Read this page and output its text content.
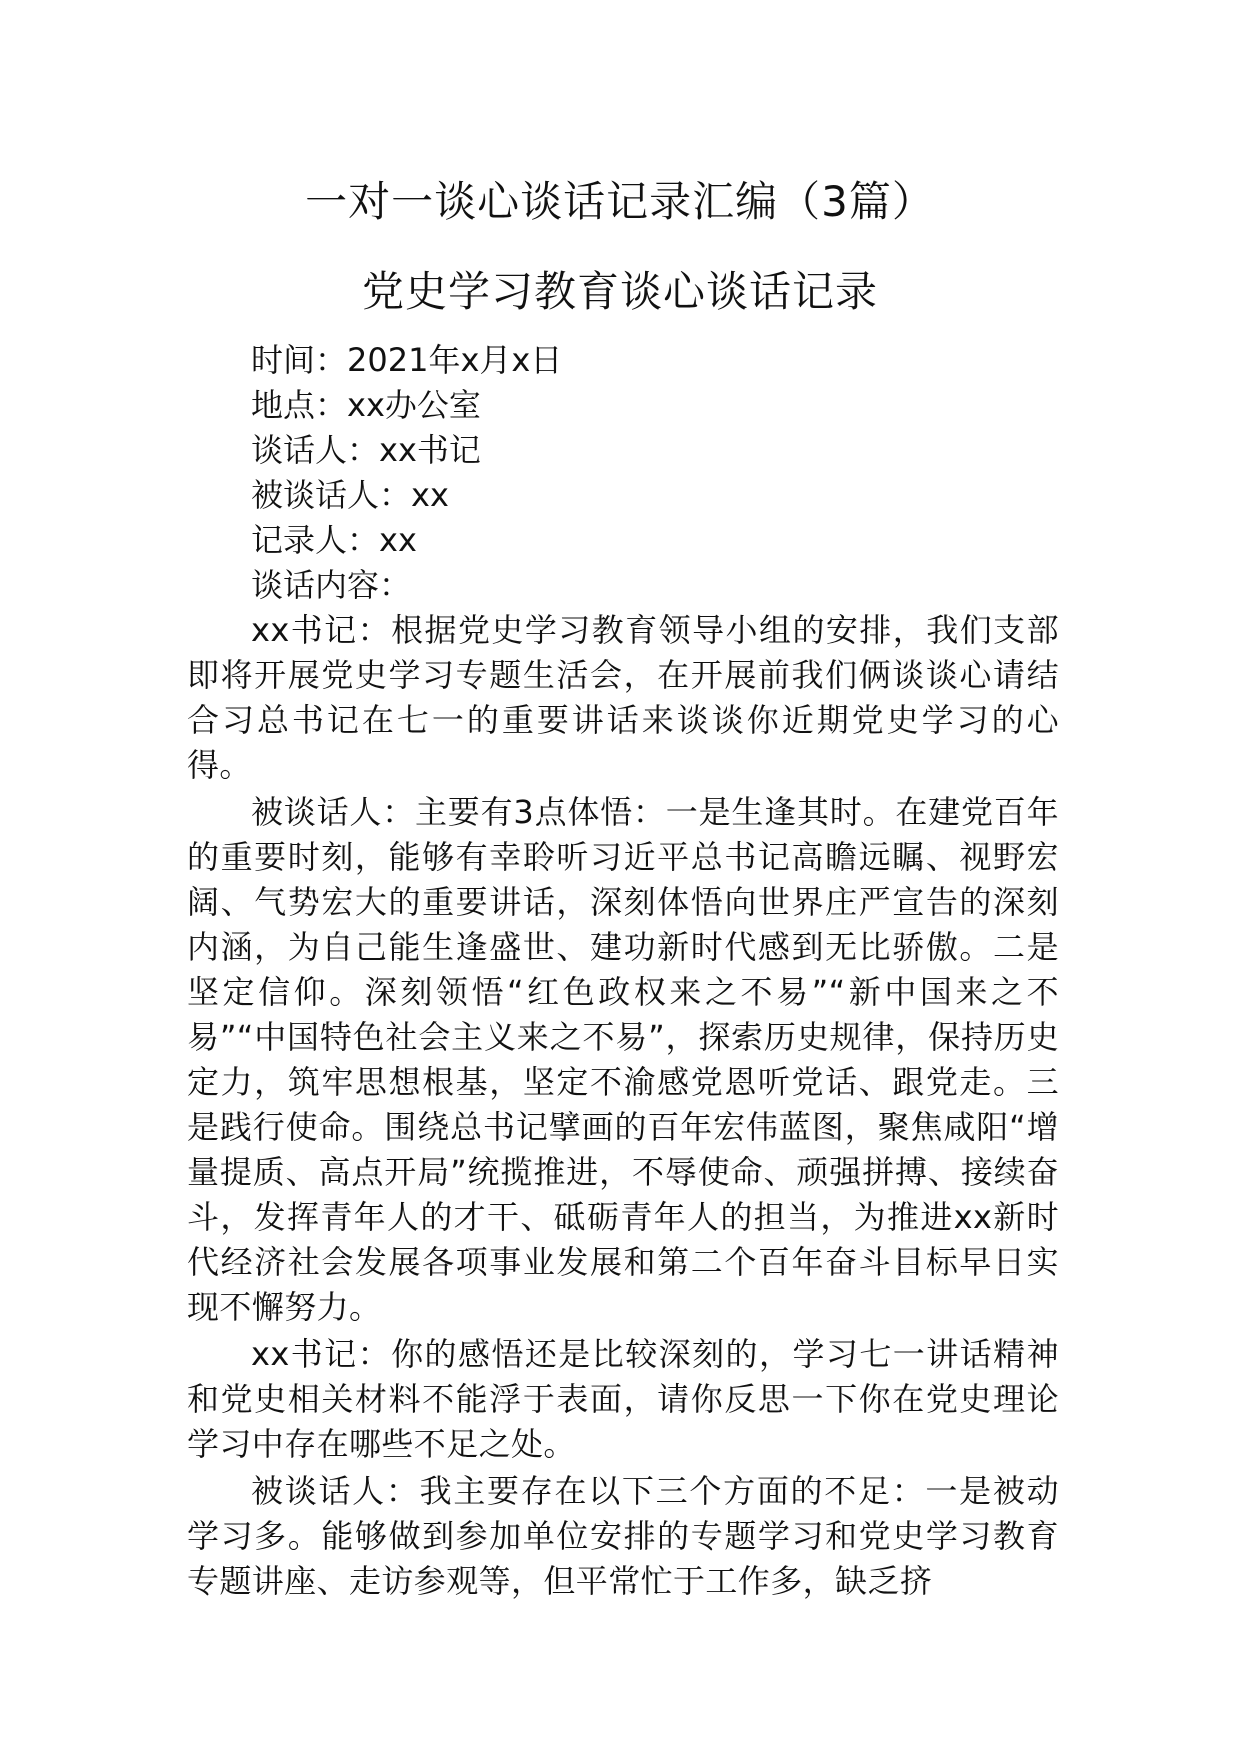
一对一谈心谈话记录汇编（3篇）
党史学习教育谈心谈话记录

时间：2021年x月x日

地点：xx办公室

谈话人：xx书记

被谈话人：xx

记录人：xx

谈话内容：

xx书记：根据党史学习教育领导小组的安排，我们支部即将开展党史学习专题生活会，在开展前我们俩谈谈心请结合习总书记在七一的重要讲话来谈谈你近期党史学习的心得。

被谈话人：主要有3点体悟：一是生逢其时。在建党百年的重要时刻，能够有幸聆听习近平总书记高瞻远瞩、视野宏阔、气势宏大的重要讲话，深刻体悟向世界庄严宣告的深刻内涵，为自己能生逢盛世、建功新时代感到无比骄傲。二是坚定信仰。深刻领悟“红色政权来之不易”“新中国来之不易”“中国特色社会主义来之不易”，探索历史规律，保持历史定力，筑牢思想根基，坚定不渝感党恩听党话、跟党走。三是践行使命。围绕总书记擘画的百年宏伟蓝图，聚焦咸阳“增量提质、高点开局”统揽推进，不辱使命、顽强拼搏、接续奋斗，发挥青年人的才干、砥砺青年人的担当，为推进xx新时代经济社会发展各项事业发展和第二个百年奋斗目标早日实现不懈努力。

xx书记：你的感悟还是比较深刻的，学习七一讲话精神和党史相关材料不能浮于表面，请你反思一下你在党史理论学习中存在哪些不足之处。

被谈话人：我主要存在以下三个方面的不足：一是被动学习多。能够做到参加单位安排的专题学习和党史学习教育专题讲座、走访参观等，但平常忙于工作多，缺乏挤
